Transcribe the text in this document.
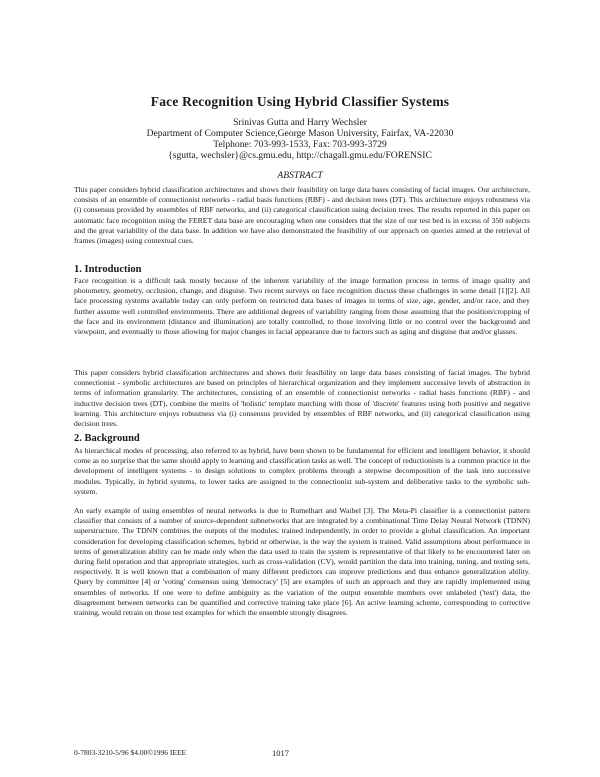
Face Recognition Using Hybrid Classifier Systems
Srinivas Gutta and Harry Wechsler
Department of Computer Science,George Mason University, Fairfax, VA-22030
Telphone: 703-993-1533, Fax: 703-993-3729
{sgutta, wechsler}@cs.gmu.edu, http://chagall.gmu.edu/FORENSIC
ABSTRACT

This paper considers hybrid classification architectures and shows their feasibility on large data bases consisting of facial images. Our architecture, consists of an ensemble of connectionist networks - radial basis functions (RBF) - and decision trees (DT). This architecture enjoys robustness via (i) consensus provided by ensembles of RBF networks, and (ii) categorical classification using decision trees. The results reported in this paper on automatic face recognition using the FERET data base are encouraging when one considers that the size of our test bed is in excess of 350 subjects and the great variability of the data base. In addition we have also demonstrated the feasibility of our approach on queries aimed at the retrieval of frames (images) using contextual cues.

1. Introduction

Face recognition is a difficult task mostly because of the inherent variability of the image formation process in terms of image quality and photometry, geometry, occlusion, change, and disguise. Two recent surveys on face recognition discuss these challenges in some detail [1][2]. All face processing systems available today can only perform on restricted data bases of images in terms of size, age, gender, and/or race, and they further assume well controlled environments. There are additional degrees of variability ranging from those assuming that the position/cropping of the face and its environment (distance and illumination) are totally controlled, to those involving little or no control over the background and viewpoint, and eventually to those allowing for major changes in facial appearance due to factors such as aging and disguise that and/or glasses.

This paper considers hybrid classification architectures and shows their feasibility on large data bases consisting of facial images. The hybrid connectionist - symbolic architectures are based on principles of hierarchical organization and they implement successive levels of abstraction in terms of information granularity. The architectures, consisting of an ensemble of connectionist networks - radial basis functions (RBF) - and inductive decision trees (DT), combine the merits of 'holistic' template matching with those of 'discrete' features using both positive and negative learning. This architecture enjoys robustness via (i) consensus provided by ensembles of RBF networks, and (ii) categorical classification using decision trees.

2. Background

As hierarchical modes of processing, also referred to as hybrid, have been shown to be fundamental for efficient and intelligent behavior, it should come as no surprise that the same should apply to learning and classification tasks as well. The concept of reductionism is a common practice in the development of intelligent systems - to design solutions to complex problems through a stepwise decomposition of the task into successive modules. Typically, in hybrid systems, to lower tasks are assigned to the connectionist sub-system and deliberative tasks to the symbolic sub-system.

An early example of using ensembles of neural networks is due to Rumelhart and Waibel [3]. The Meta-Pi classifier is a connectionist pattern classifier that consists of a number of source-dependent subnetworks that are integrated by a combinational Time Delay Neural Network (TDNN) superstructure. The TDNN combines the outputs of the modules, trained independently, in order to provide a global classification. An important consideration for developing classification schemes, hybrid or otherwise, is the way the system is trained. Valid assumptions about performance in terms of generalization ability can be made only when the data used to train the system is representative of that likely to be encountered later on during field operation and that appropriate strategies, such as cross-validation (CV), would partition the data into training, tuning, and testing sets, respectively. It is well known that a combination of many different predictors can improve predictions and thus enhance generalization ability. Query by committee [4] or 'voting' consensus using 'democracy' [5] are examples of such an approach and they are rapidly implemented using ensembles of networks. If one were to define ambiguity as the variation of the output ensemble members over unlabeled ('test') data, the disagreement between networks can be quantified and corrective training take place [6]. An active learning scheme, corresponding to corrective training, would retrain on those test examples for which the ensemble strongly disagrees.

0-7803-3210-5/96 $4.00©1996 IEEE	1017
